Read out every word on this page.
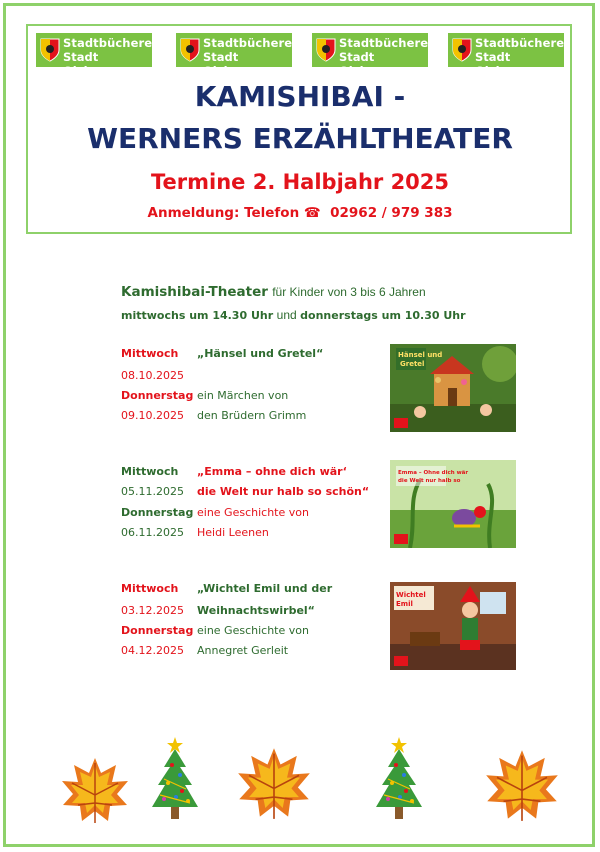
Stadtbücherei
Stadt Olsberg
Stadtbücherei
Stadt Olsberg
Stadtbücherei
Stadt Olsberg
Stadtbücherei
Stadt Olsberg
KAMISHIBAI -
WERNERS ERZÄHLTHEATER
Termine 2. Halbjahr 2025
Anmeldung: Telefon ☎ 02962 / 979 383
Kamishibai-Theater für Kinder von 3 bis 6 Jahren
mittwochs um 14.30 Uhr und donnerstags um 10.30 Uhr
Mittwoch
08.10.2025
Donnerstag
09.10.2025
„Hänsel und Gretel“
ein Märchen von
den Brüdern Grimm
Hänsel und
Gretel
Mittwoch
05.11.2025
Donnerstag
06.11.2025
„Emma – ohne dich wär‘
die Welt nur halb so schön“
eine Geschichte von
Heidi Leenen
Emma – Ohne dich wär
die Welt nur halb so
Mittwoch
03.12.2025
Donnerstag
04.12.2025
„Wichtel Emil und der
Weihnachtswirbel“
eine Geschichte von
Annegret Gerleit
Wichtel
Emil
